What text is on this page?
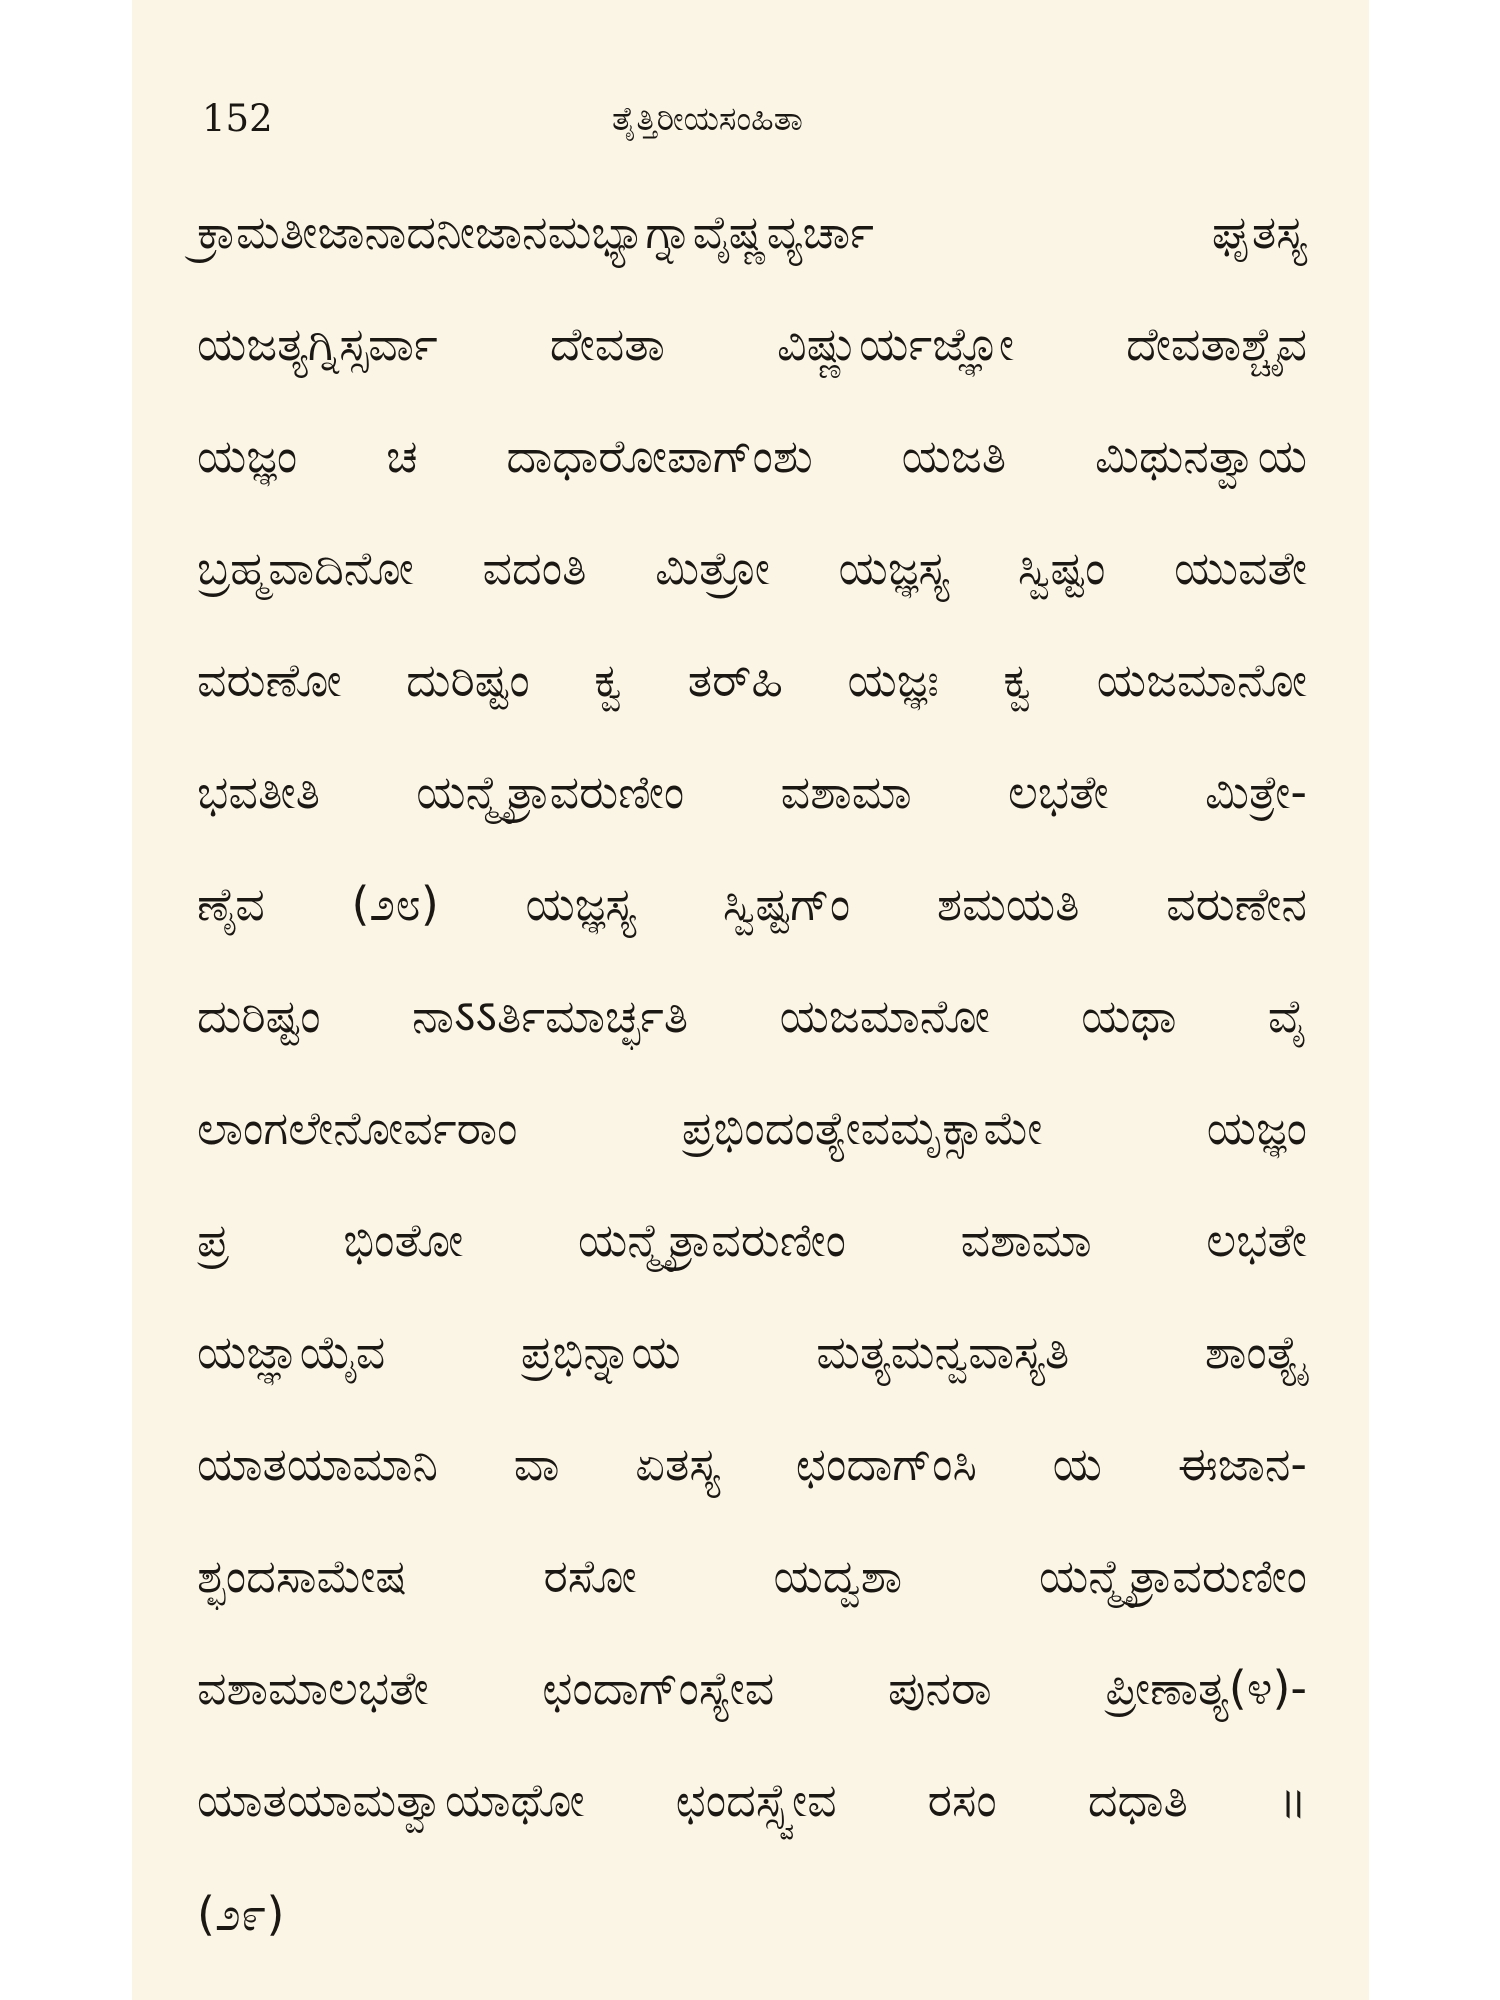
152	ತೈತ್ತಿರೀಯಸಂಹಿತಾ
ಕ್ರಾಮತೀಜಾನಾದನೀಜಾನಮಭ್ಯಾಗ್ನಾವೈಷ್ಣವ್ಯರ್ಚಾ ಘೃತಸ್ಯ
ಯಜತ್ಯಗ್ನಿಸ್ಸರ್ವಾ ದೇವತಾ ವಿಷ್ಣುರ್ಯಜ್ಞೋ ದೇವತಾಶ್ಚೈವ
ಯಜ್ಞಂ ಚ ದಾಧಾರೋಪಾಗ್‌ಂಶು ಯಜತಿ ಮಿಥುನತ್ವಾಯ
ಬ್ರಹ್ಮವಾದಿನೋ ವದಂತಿ ಮಿತ್ರೋ ಯಜ್ಞಸ್ಯ ಸ್ವಿಷ್ಟಂ ಯುವತೇ
ವರುಣೋ ದುರಿಷ್ಟಂ ಕ್ವ ತರ್‌ಹಿ ಯಜ್ಞಃ ಕ್ವ ಯಜಮಾನೋ
ಭವತೀತಿ ಯನ್ಮೈತ್ರಾವರುಣೀಂ ವಶಾಮಾ ಲಭತೇ ಮಿತ್ರೇ-
ಣೈವ (೨೮) ಯಜ್ಞಸ್ಯ ಸ್ವಿಷ್ಟಗ್‌ಂ ಶಮಯತಿ ವರುಣೇನ
ದುರಿಷ್ಟಂ ನಾऽऽರ್ತಿಮಾರ್ಚ್ಛತಿ ಯಜಮಾನೋ ಯಥಾ ವೈ
ಲಾಂಗಲೇನೋರ್ವರಾಂ ಪ್ರಭಿಂದಂತ್ಯೇವಮೃಕ್ಸಾಮೇ ಯಜ್ಞಂ
ಪ್ರ ಭಿಂತೋ ಯನ್ಮೈತ್ರಾವರುಣೀಂ ವಶಾಮಾ ಲಭತೇ
ಯಜ್ಞಾಯೈವ ಪ್ರಭಿನ್ನಾಯ ಮತ್ಯಮನ್ವವಾಸ್ಯತಿ ಶಾಂತ್ಯೈ
ಯಾತಯಾಮಾನಿ ವಾ ಏತಸ್ಯ ಛಂದಾಗ್‌ಂಸಿ ಯ ಈಜಾನ-
ಶ್ಛಂದಸಾಮೇಷ ರಸೋ ಯದ್ವಶಾ ಯನ್ಮೈತ್ರಾವರುಣೀಂ
ವಶಾಮಾಲಭತೇ ಛಂದಾಗ್‌ಂಸ್ಯೇವ ಪುನರಾ ಪ್ರೀಣಾತ್ಯ(೪)-
ಯಾತಯಾಮತ್ವಾಯಾಥೋ ಛಂದಸ್ಸ್ವೇವ ರಸಂ ದಧಾತಿ ॥
(೨೯)
